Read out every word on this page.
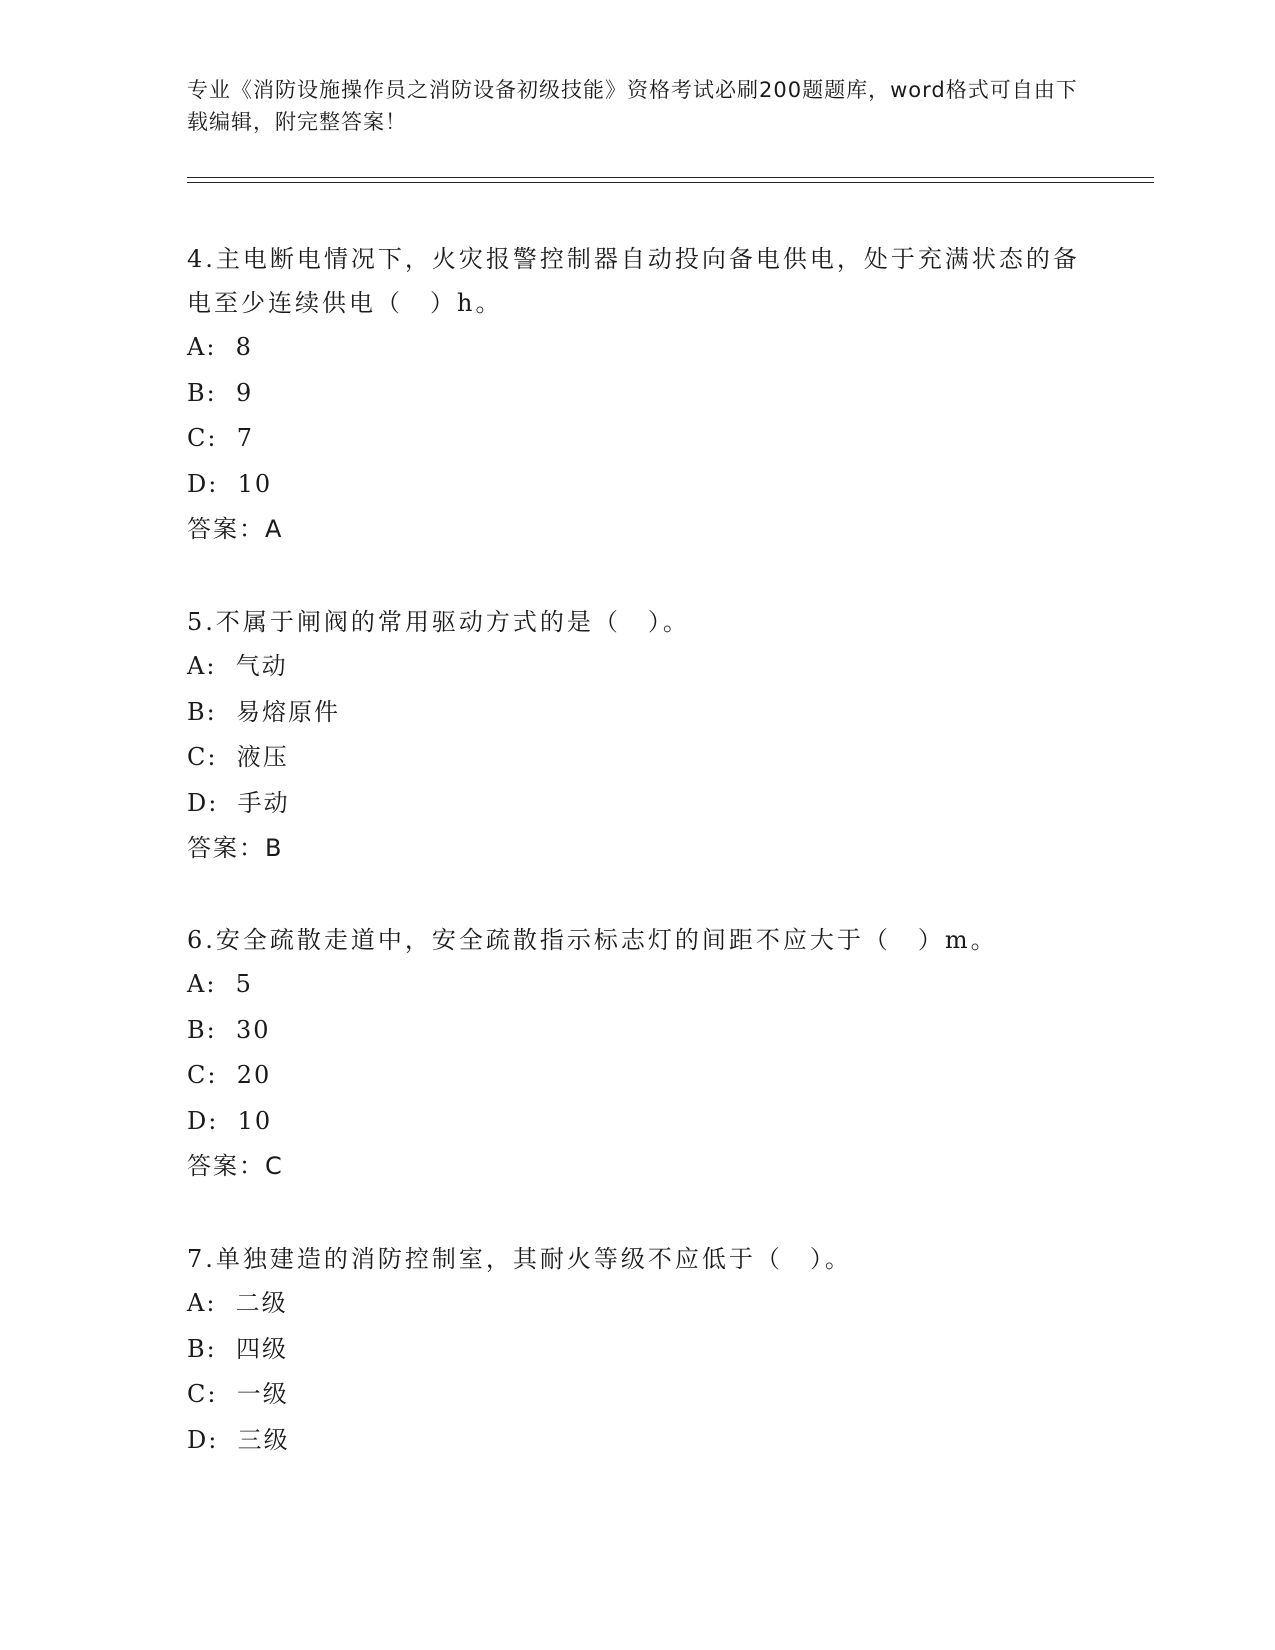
专业《消防设施操作员之消防设备初级技能》资格考试必刷200题题库，word格式可自由下载编辑，附完整答案！

4.主电断电情况下，火灾报警控制器自动投向备电供电，处于充满状态的备电至少连续供电（　）h。

A:  8
B:  9
C:  7
D:  10
答案：A

5.不属于闸阀的常用驱动方式的是（　）。

A:  气动
B:  易熔原件
C:  液压
D:  手动
答案：B

6.安全疏散走道中，安全疏散指示标志灯的间距不应大于（　）m。

A:  5
B:  30
C:  20
D:  10
答案：C

7.单独建造的消防控制室，其耐火等级不应低于（　）。

A:  二级
B:  四级
C:  一级
D:  三级
